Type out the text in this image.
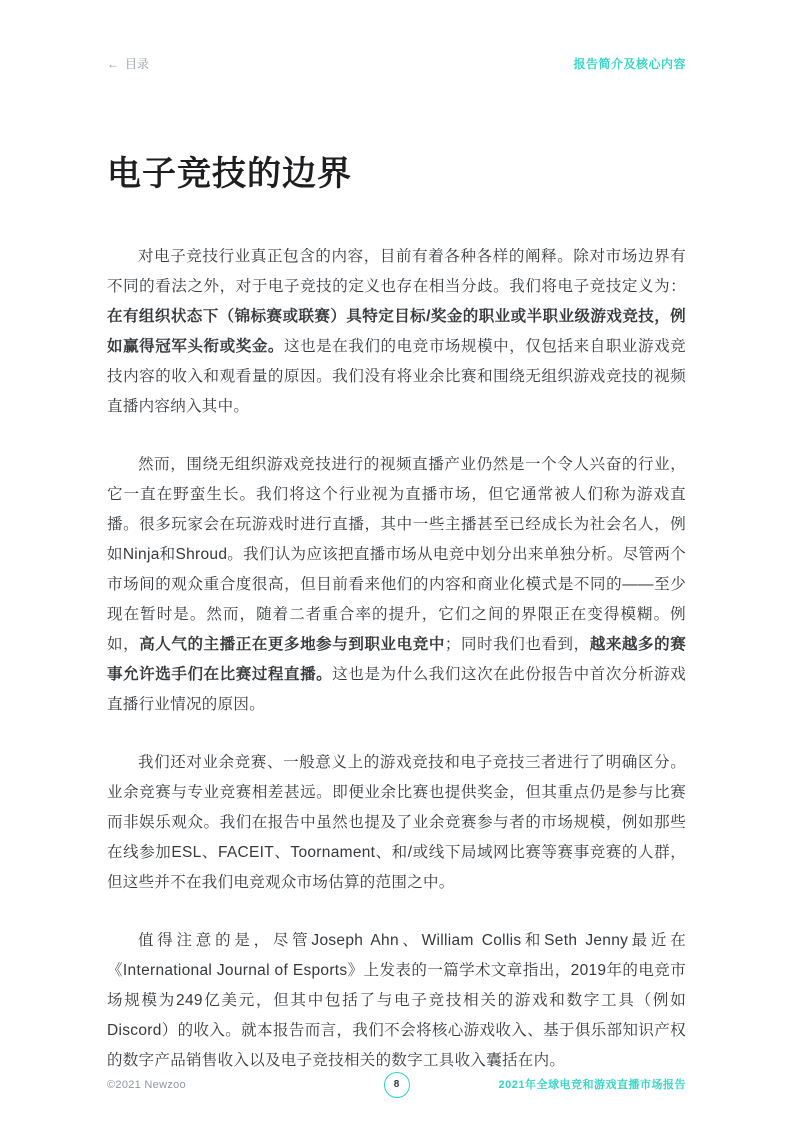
← 目录	报告简介及核心内容
电子竞技的边界

对电子竞技行业真正包含的内容，目前有着各种各样的阐释。除对市场边界有不同的看法之外，对于电子竞技的定义也存在相当分歧。我们将电子竞技定义为：在有组织状态下（锦标赛或联赛）具特定目标/奖金的职业或半职业级游戏竞技，例如赢得冠军头衔或奖金。这也是在我们的电竞市场规模中，仅包括来自职业游戏竞技内容的收入和观看量的原因。我们没有将业余比赛和围绕无组织游戏竞技的视频直播内容纳入其中。

然而，围绕无组织游戏竞技进行的视频直播产业仍然是一个令人兴奋的行业，它一直在野蛮生长。我们将这个行业视为直播市场，但它通常被人们称为游戏直播。很多玩家会在玩游戏时进行直播，其中一些主播甚至已经成长为社会名人，例如Ninja和Shroud。我们认为应该把直播市场从电竞中划分出来单独分析。尽管两个市场间的观众重合度很高，但目前看来他们的内容和商业化模式是不同的——至少现在暂时是。然而，随着二者重合率的提升，它们之间的界限正在变得模糊。例如，高人气的主播正在更多地参与到职业电竞中；同时我们也看到，越来越多的赛事允许选手们在比赛过程直播。这也是为什么我们这次在此份报告中首次分析游戏直播行业情况的原因。

我们还对业余竞赛、一般意义上的游戏竞技和电子竞技三者进行了明确区分。业余竞赛与专业竞赛相差甚远。即便业余比赛也提供奖金，但其重点仍是参与比赛而非娱乐观众。我们在报告中虽然也提及了业余竞赛参与者的市场规模，例如那些在线参加ESL、FACEIT、Toornament、和/或线下局域网比赛等赛事竞赛的人群，但这些并不在我们电竞观众市场估算的范围之中。

值得注意的是，尽管Joseph Ahn、William Collis和Seth Jenny最近在《International Journal of Esports》上发表的一篇学术文章指出，2019年的电竞市场规模为249亿美元，但其中包括了与电子竞技相关的游戏和数字工具（例如Discord）的收入。就本报告而言，我们不会将核心游戏收入、基于俱乐部知识产权的数字产品销售收入以及电子竞技相关的数字工具收入囊括在内。

©2021 Newzoo	8	2021年全球电竞和游戏直播市场报告
